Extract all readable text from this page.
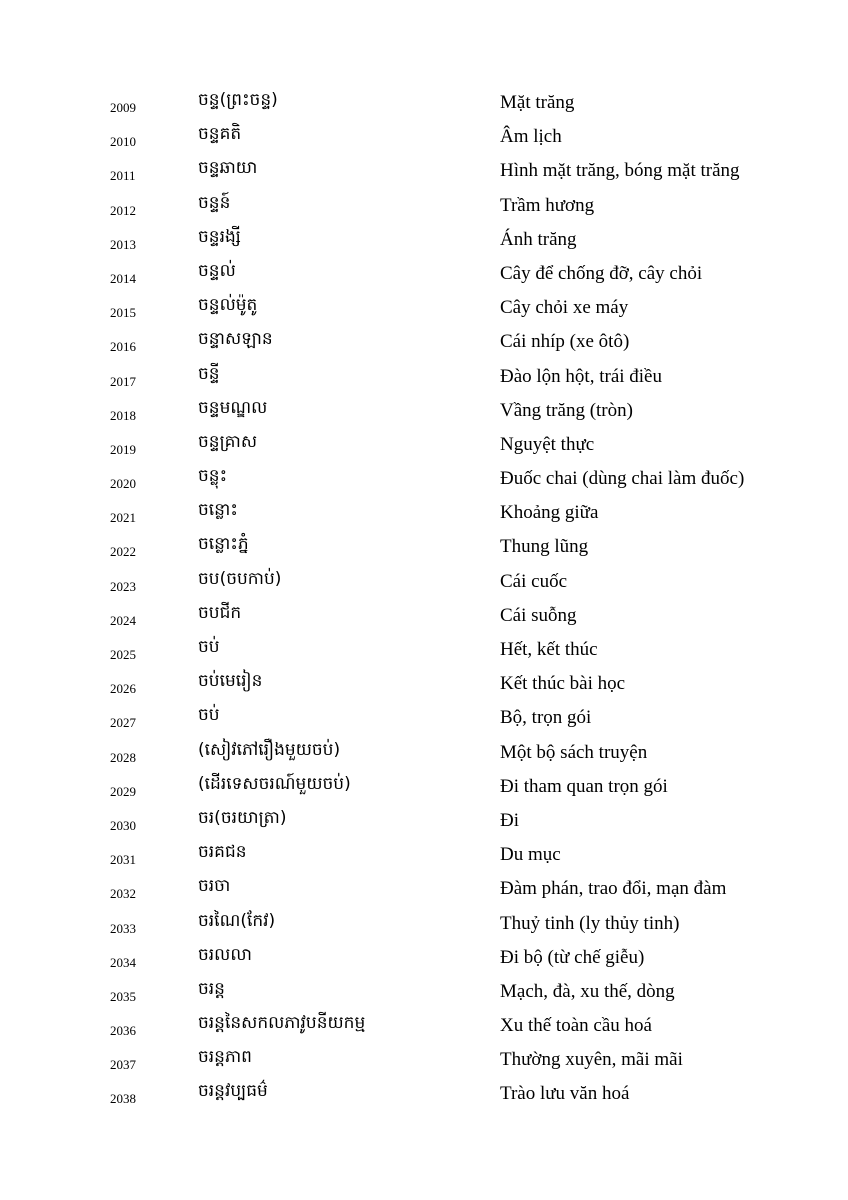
2009	ចន្ទ(ព្រះចន្ទ)	Mặt trăng
2010	ចន្ទគតិ	Âm lịch
2011	ចន្ទឆាយា	Hình mặt trăng, bóng mặt trăng
2012	ចន្ទន៍	Trầm hương
2013	ចន្ទរង្សី	Ánh trăng
2014	ចន្ទល់	Cây để chống đỡ, cây chỏi
2015	ចន្ទល់ម៉ូតូ	Cây chỏi xe máy
2016	ចន្ទាសឡាន	Cái nhíp (xe ôtô)
2017	ចន្ទី	Đào lộn hột, trái điều
2018	ចន្ទមណ្ឌល	Vầng trăng (tròn)
2019	ចន្ទគ្រាស	Nguyệt thực
2020	ចន្លុះ	Đuốc chai (dùng chai làm đuốc)
2021	ចន្លោះ	Khoảng giữa
2022	ចន្លោះភ្នំ	Thung lũng
2023	ចប(ចបកាប់)	Cái cuốc
2024	ចបជីក	Cái suỗng
2025	ចប់	Hết, kết thúc
2026	ចប់មេរៀន	Kết thúc bài học
2027	ចប់	Bộ, trọn gói
2028	(សៀវភៅរឿងមួយចប់)	Một bộ sách truyện
2029	(ដើរទេសចរណ៍មួយចប់)	Đi tham quan trọn gói
2030	ចរ(ចរយាត្រា)	Đi
2031	ចរគជន	Du mục
2032	ចរចា	Đàm phán, trao đổi, mạn đàm
2033	ចរណៃ(កែវ)	Thuỷ tinh (ly thủy tinh)
2034	ចរលលា	Đi bộ (từ chế giễu)
2035	ចរន្ត	Mạch, đà, xu thế, dòng
2036	ចរន្តនៃសកលភាវូបនីយកម្ម	Xu thế toàn cầu hoá
2037	ចរន្តភាព	Thường xuyên, mãi mãi
2038	ចរន្តវប្បធម៌	Trào lưu văn hoá
